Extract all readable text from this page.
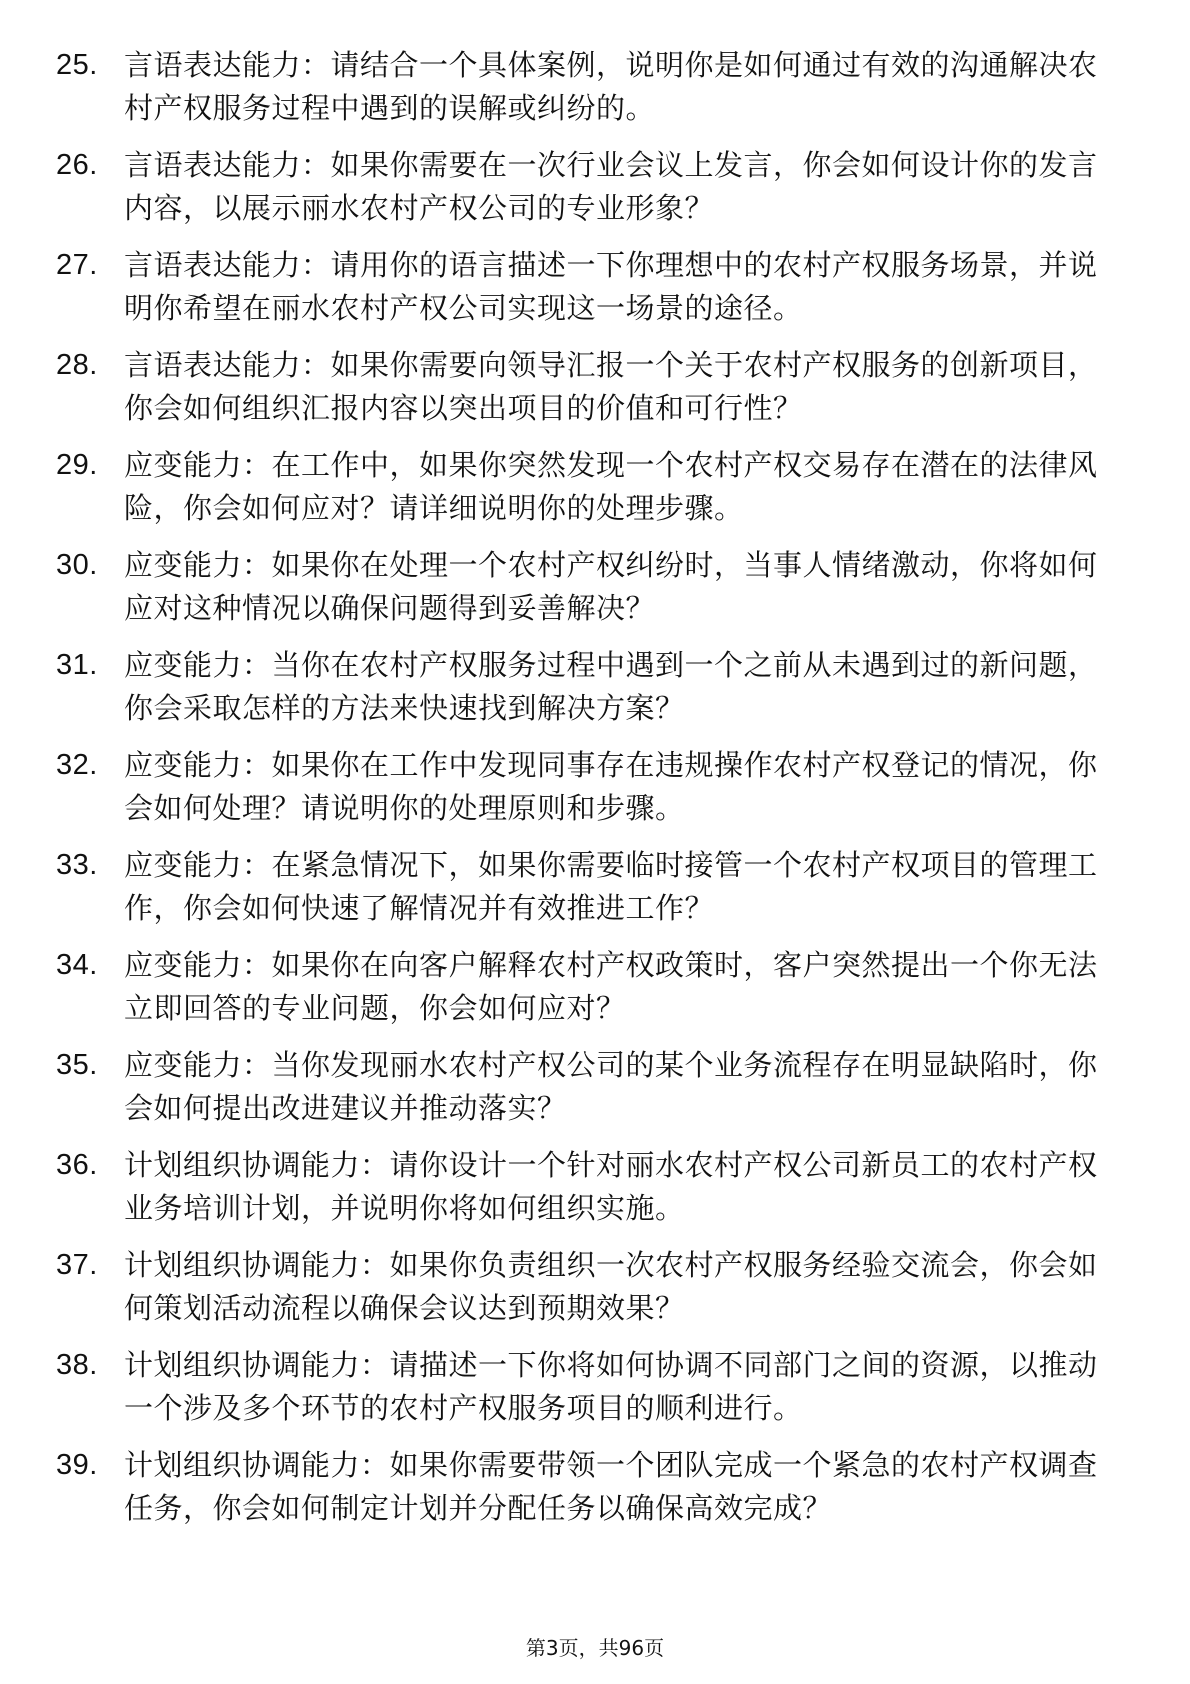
25. 言语表达能力：请结合一个具体案例，说明你是如何通过有效的沟通解决农村产权服务过程中遇到的误解或纠纷的。
26. 言语表达能力：如果你需要在一次行业会议上发言，你会如何设计你的发言内容，以展示丽水农村产权公司的专业形象？
27. 言语表达能力：请用你的语言描述一下你理想中的农村产权服务场景，并说明你希望在丽水农村产权公司实现这一场景的途径。
28. 言语表达能力：如果你需要向领导汇报一个关于农村产权服务的创新项目，你会如何组织汇报内容以突出项目的价值和可行性？
29. 应变能力：在工作中，如果你突然发现一个农村产权交易存在潜在的法律风险，你会如何应对？请详细说明你的处理步骤。
30. 应变能力：如果你在处理一个农村产权纠纷时，当事人情绪激动，你将如何应对这种情况以确保问题得到妥善解决？
31. 应变能力：当你在农村产权服务过程中遇到一个之前从未遇到过的新问题，你会采取怎样的方法来快速找到解决方案？
32. 应变能力：如果你在工作中发现同事存在违规操作农村产权登记的情况，你会如何处理？请说明你的处理原则和步骤。
33. 应变能力：在紧急情况下，如果你需要临时接管一个农村产权项目的管理工作，你会如何快速了解情况并有效推进工作？
34. 应变能力：如果你在向客户解释农村产权政策时，客户突然提出一个你无法立即回答的专业问题，你会如何应对？
35. 应变能力：当你发现丽水农村产权公司的某个业务流程存在明显缺陷时，你会如何提出改进建议并推动落实？
36. 计划组织协调能力：请你设计一个针对丽水农村产权公司新员工的农村产权业务培训计划，并说明你将如何组织实施。
37. 计划组织协调能力：如果你负责组织一次农村产权服务经验交流会，你会如何策划活动流程以确保会议达到预期效果？
38. 计划组织协调能力：请描述一下你将如何协调不同部门之间的资源，以推动一个涉及多个环节的农村产权服务项目的顺利进行。
39. 计划组织协调能力：如果你需要带领一个团队完成一个紧急的农村产权调查任务，你会如何制定计划并分配任务以确保高效完成？
第3页，共96页
